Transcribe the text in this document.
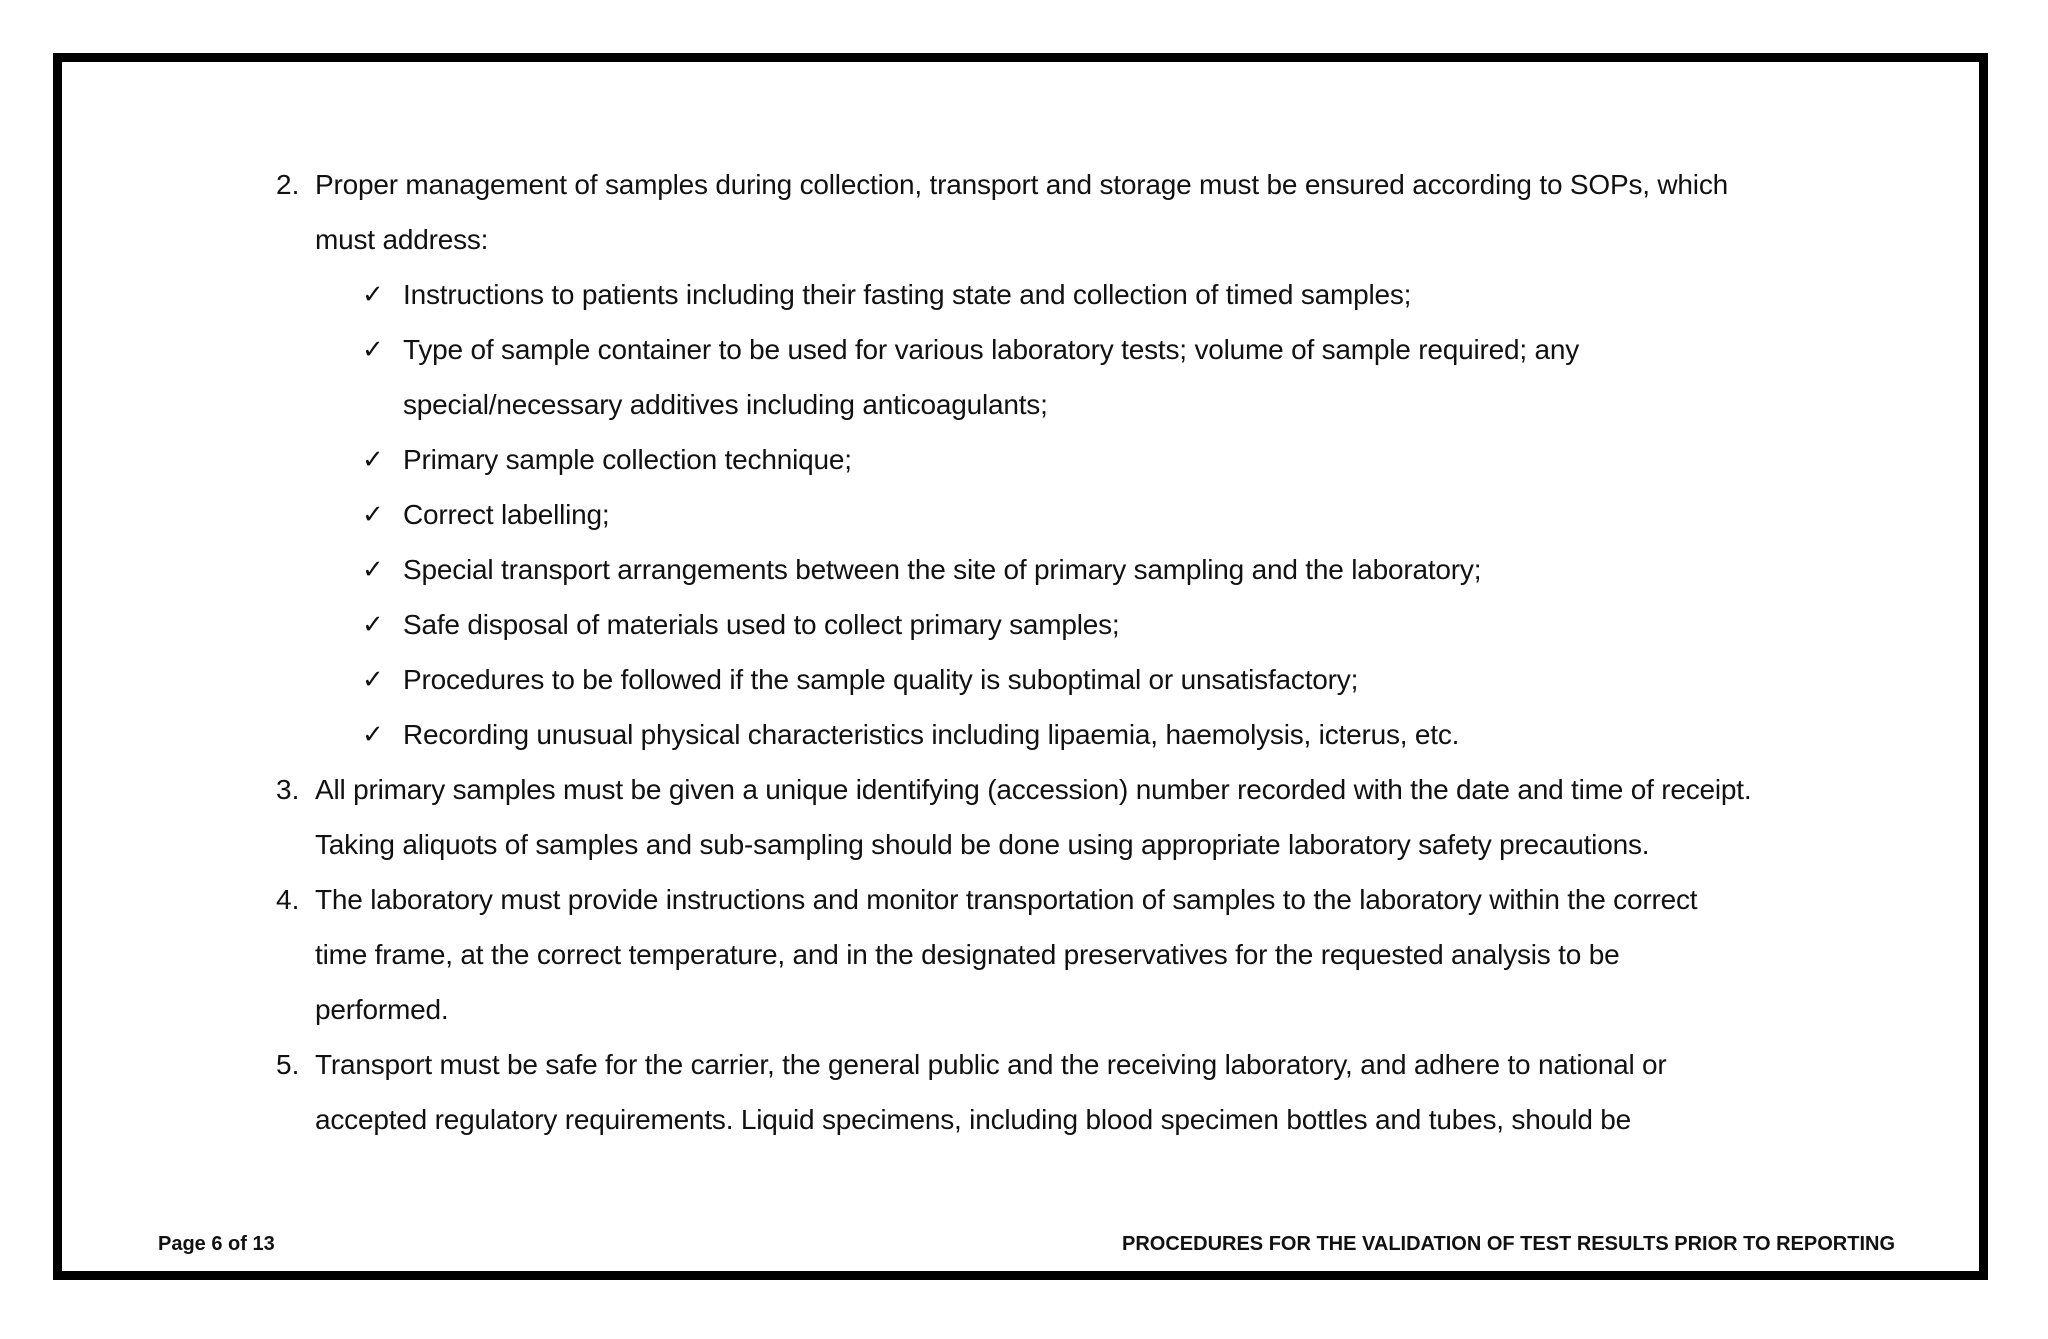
2. Proper management of samples during collection, transport and storage must be ensured according to SOPs, which
must address:
✓ Instructions to patients including their fasting state and collection of timed samples;
✓ Type of sample container to be used for various laboratory tests; volume of sample required; any
special/necessary additives including anticoagulants;
✓ Primary sample collection technique;
✓ Correct labelling;
✓ Special transport arrangements between the site of primary sampling and the laboratory;
✓ Safe disposal of materials used to collect primary samples;
✓ Procedures to be followed if the sample quality is suboptimal or unsatisfactory;
✓ Recording unusual physical characteristics including lipaemia, haemolysis, icterus, etc.
3. All primary samples must be given a unique identifying (accession) number recorded with the date and time of receipt.
Taking aliquots of samples and sub-sampling should be done using appropriate laboratory safety precautions.
4. The laboratory must provide instructions and monitor transportation of samples to the laboratory within the correct
time frame, at the correct temperature, and in the designated preservatives for the requested analysis to be
performed.
5. Transport must be safe for the carrier, the general public and the receiving laboratory, and adhere to national or
accepted regulatory requirements. Liquid specimens, including blood specimen bottles and tubes, should be
Page 6 of 13	PROCEDURES FOR THE VALIDATION OF TEST RESULTS PRIOR TO REPORTING
